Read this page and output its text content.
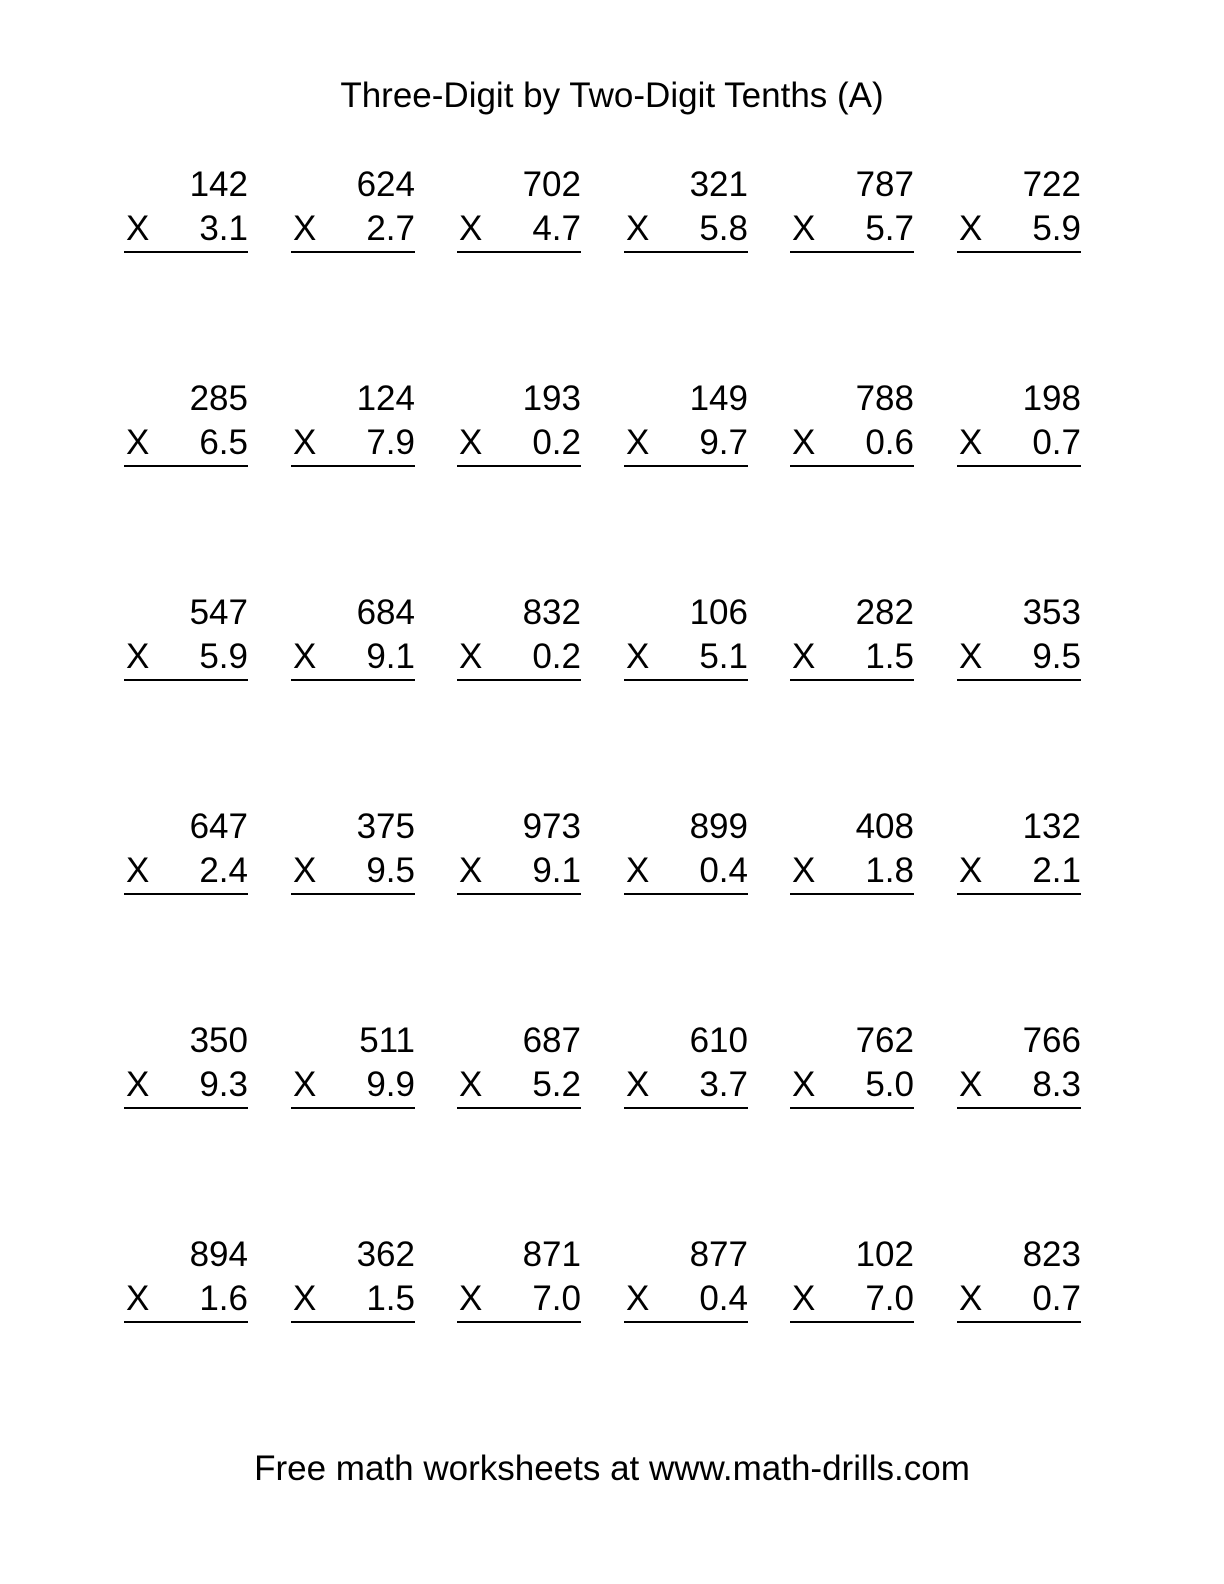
Three-Digit by Two-Digit Tenths (A)
142
X 3.1
624
X 2.7
702
X 4.7
321
X 5.8
787
X 5.7
722
X 5.9
285
X 6.5
124
X 7.9
193
X 0.2
149
X 9.7
788
X 0.6
198
X 0.7
547
X 5.9
684
X 9.1
832
X 0.2
106
X 5.1
282
X 1.5
353
X 9.5
647
X 2.4
375
X 9.5
973
X 9.1
899
X 0.4
408
X 1.8
132
X 2.1
350
X 9.3
511
X 9.9
687
X 5.2
610
X 3.7
762
X 5.0
766
X 8.3
894
X 1.6
362
X 1.5
871
X 7.0
877
X 0.4
102
X 7.0
823
X 0.7
Free math worksheets at www.math-drills.com
